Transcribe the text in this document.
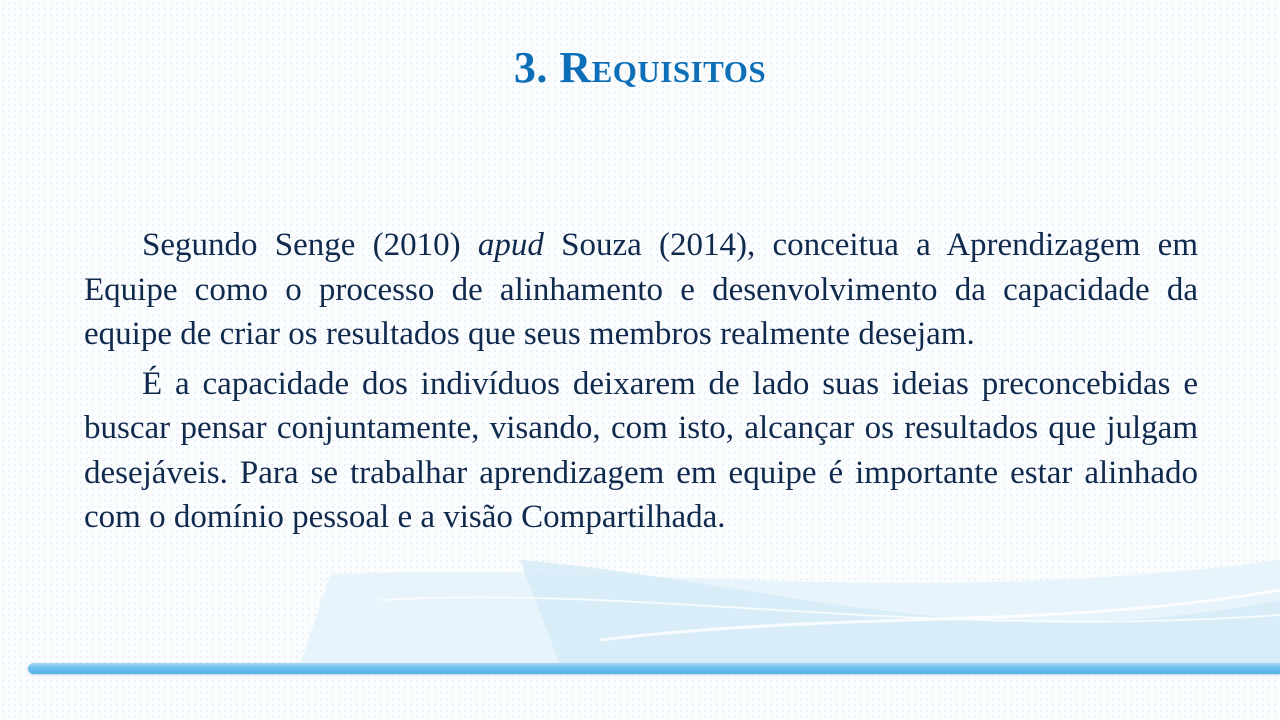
3. Requisitos

Segundo Senge (2010) apud Souza (2014), conceitua a Aprendizagem em Equipe como o processo de alinhamento e desenvolvimento da capacidade da equipe de criar os resultados que seus membros realmente desejam.

É a capacidade dos indivíduos deixarem de lado suas ideias preconcebidas e buscar pensar conjuntamente, visando, com isto, alcançar os resultados que julgam desejáveis. Para se trabalhar aprendizagem em equipe é importante estar alinhado com o domínio pessoal e a visão Compartilhada.
